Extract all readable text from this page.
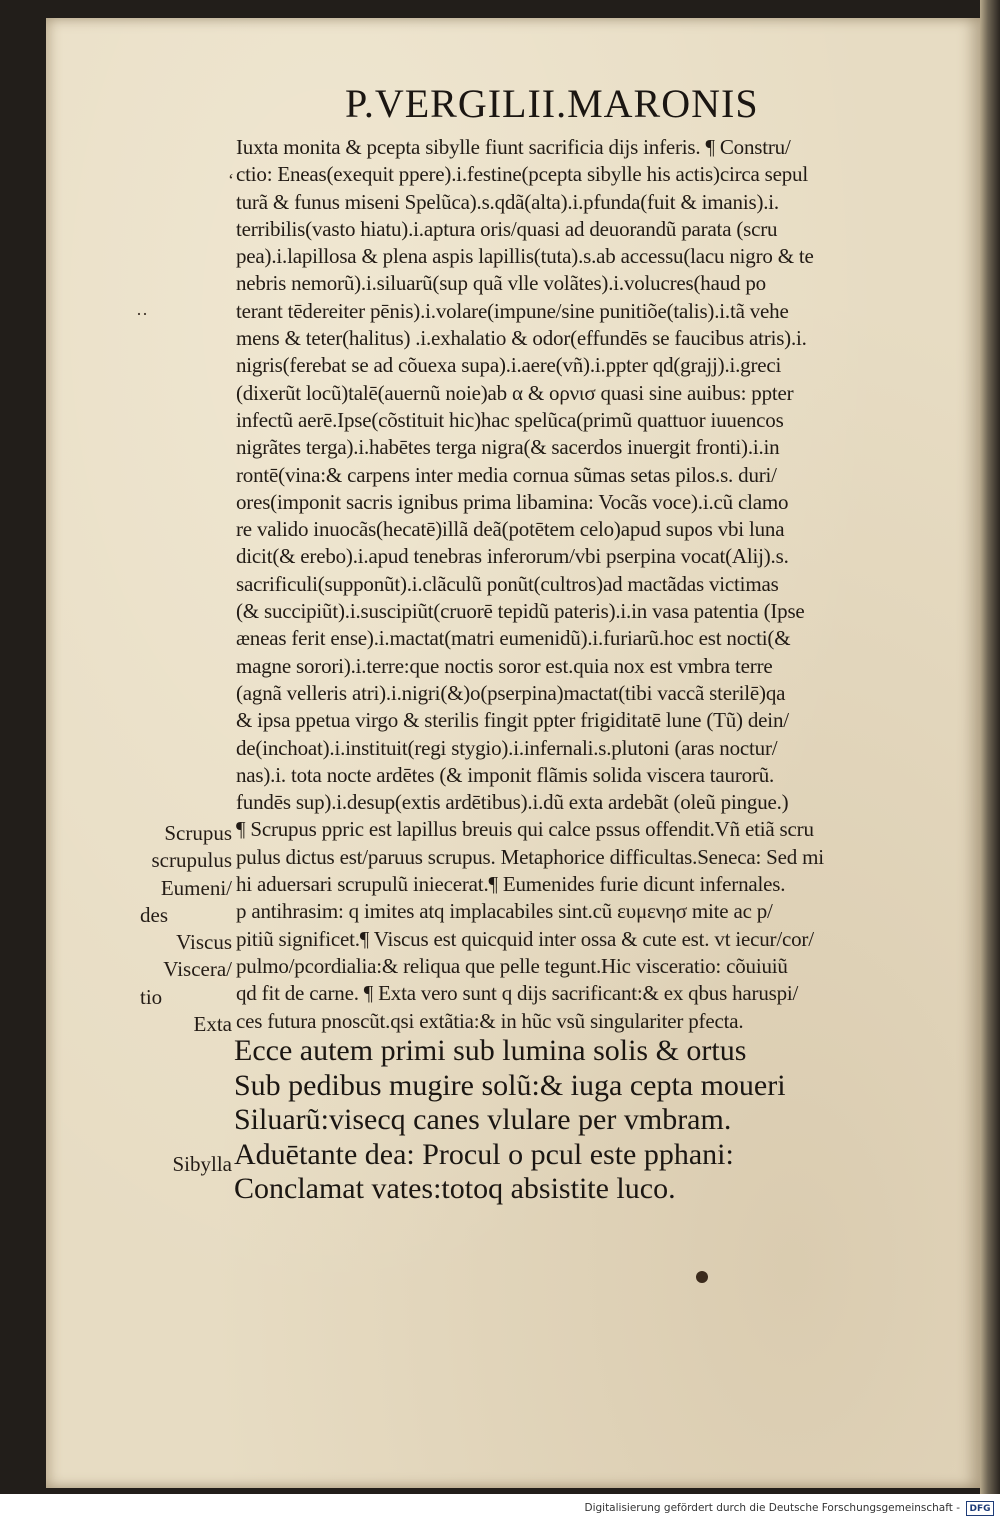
P.VERGILII.MARONIS
Iuxta monita & pcepta sibylle fiunt sacrificia dijs inferis. ¶ Constru/
ctio: Eneas(exequit ppere).i.festine(pcepta sibylle his actis)circa sepul
turã & funus miseni Spelũca).s.qdã(alta).i.pfunda(fuit & imanis).i.
terribilis(vasto hiatu).i.aptura oris/quasi ad deuorandũ parata (scru
pea).i.lapillosa & plena aspis lapillis(tuta).s.ab accessu(lacu nigro & te
nebris nemorũ).i.siluarũ(sup quã vlle volãtes).i.volucres(haud po
terant tēdereiter pēnis).i.volare(impune/sine punitiõe(talis).i.tã vehe
mens & teter(halitus) .i.exhalatio & odor(effundēs se faucibus atris).i.
nigris(ferebat se ad cõuexa supa).i.aere(vñ).i.ppter qd(grajj).i.greci
(dixerũt locũ)talē(auernũ noie)ab α & ορνισ quasi sine auibus: ppter
infectũ aerē.Ipse(cõstituit hic)hac spelũca(primũ quattuor iuuencos
nigrãtes terga).i.habētes terga nigra(& sacerdos inuergit fronti).i.in
rontē(vina:& carpens inter media cornua sũmas setas pilos.s. duri/
ores(imponit sacris ignibus prima libamina: Vocãs voce).i.cũ clamo
re valido inuocãs(hecatē)illã deã(potētem celo)apud supos vbi luna
dicit(& erebo).i.apud tenebras inferorum/vbi pserpina vocat(Alij).s.
sacrificuli(supponũt).i.clãculũ ponũt(cultros)ad mactãdas victimas
(& succipiũt).i.suscipiũt(cruorē tepidũ pateris).i.in vasa patentia (Ipse
æneas ferit ense).i.mactat(matri eumenidũ).i.furiarũ.hoc est nocti(&
magne sorori).i.terre:que noctis soror est.quia nox est vmbra terre
(agnã velleris atri).i.nigri(&)o(pserpina)mactat(tibi vaccã sterilē)qa
& ipsa ppetua virgo & sterilis fingit ppter frigiditatē lune (Tũ) dein/
de(inchoat).i.instituit(regi stygio).i.infernali.s.plutoni (aras noctur/
nas).i. tota nocte ardētes (& imponit flãmis solida viscera taurorũ.
fundēs sup).i.desup(extis ardētibus).i.dũ exta ardebãt (oleũ pingue.)
¶ Scrupus ppric est lapillus breuis qui calce pssus offendit.Vñ etiã scru
pulus dictus est/paruus scrupus. Metaphorice difficultas.Seneca: Sed mi
hi aduersari scrupulũ iniecerat.¶ Eumenides furie dicunt infernales.
p antihrasim: q imites atq implacabiles sint.cũ ευμενησ mite ac p/
pitiũ significet.¶ Viscus est quicquid inter ossa & cute est. vt iecur/cor/
pulmo/pcordialia:& reliqua que pelle tegunt.Hic visceratio: cõuiuiũ
qd fit de carne. ¶ Exta vero sunt q dijs sacrificant:& ex qbus haruspi/
ces futura pnoscũt.qsi extãtia:& in hũc vsũ singulariter pfecta.
Ecce autem primi sub lumina solis & ortus
Sub pedibus mugire solũ:& iuga cepta moueri
Siluarũ:visecq canes vlulare per vmbram.
Aduētante dea: Procul o pcul este pphani:
Conclamat vates:totoq absistite luco.
Scrupus
scrupulus
Eumeni/
des
Viscus
Viscera/
tio
Exta
Sibylla
ʻ
··
Digitalisierung gefördert durch die Deutsche Forschungsgemeinschaft -	DFG
